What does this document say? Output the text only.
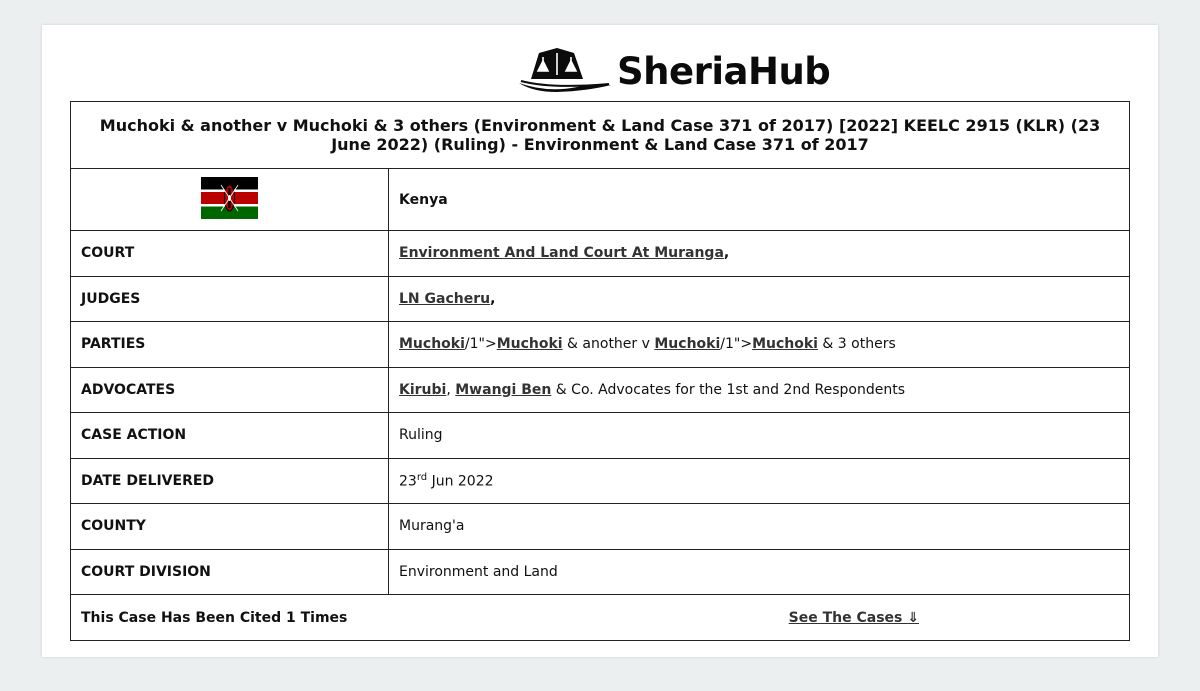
SheriaHub
Muchoki & another v Muchoki & 3 others (Environment & Land Case 371 of 2017) [2022] KEELC 2915 (KLR) (23 June 2022) (Ruling) - Environment & Land Case 371 of 2017	
	Kenya
COURT	Environment And Land Court At Muranga,
JUDGES	LN Gacheru,
PARTIES	Muchoki/1">Muchoki & another v Muchoki/1">Muchoki & 3 others
ADVOCATES	Kirubi, Mwangi Ben & Co. Advocates for the 1st and 2nd Respondents
CASE ACTION	Ruling
DATE DELIVERED	23rd Jun 2022
COUNTY	Murang'a
COURT DIVISION	Environment and Land

This Case Has Been Cited 1 Times See The Cases ⇓	
